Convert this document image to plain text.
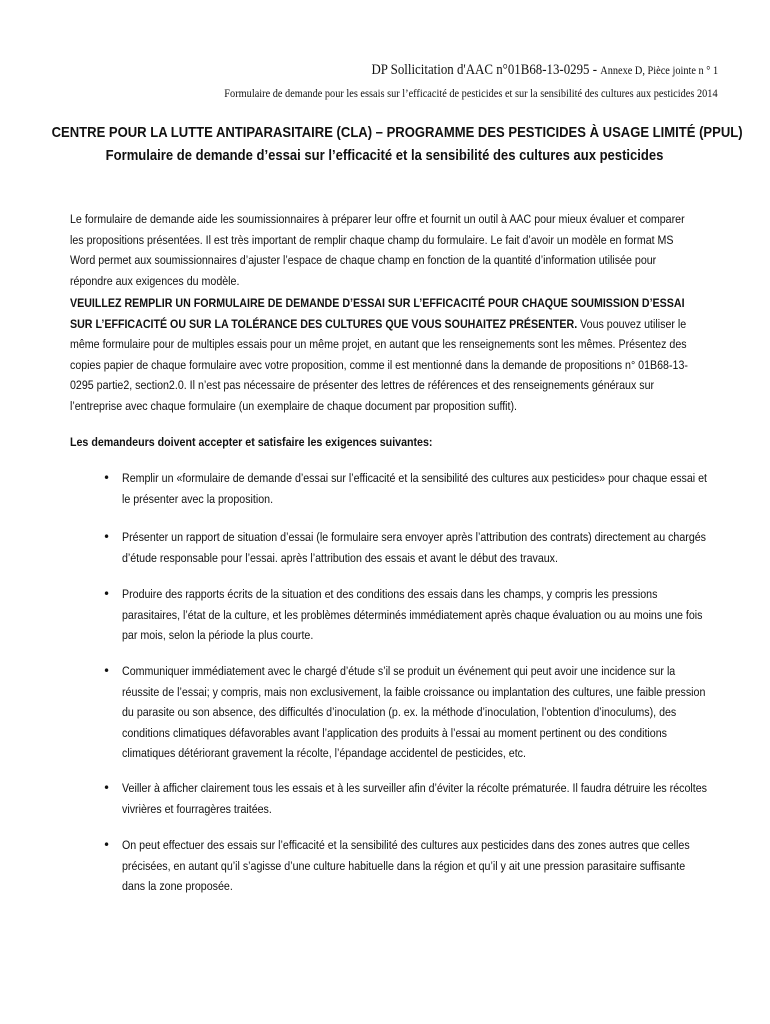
DP Sollicitation d'AAC n°01B68-13-0295 - Annexe D, Pièce jointe n ° 1
Formulaire de demande pour les essais sur l’efficacité de pesticides et sur la sensibilité des cultures aux pesticides 2014
CENTRE POUR LA LUTTE ANTIPARASITAIRE (CLA) – PROGRAMME DES PESTICIDES À USAGE LIMITÉ (PPUL)
Formulaire de demande d’essai sur l’efficacité et la sensibilité des cultures aux pesticides

Le formulaire de demande aide les soumissionnaires à préparer leur offre et fournit un outil à AAC pour mieux évaluer et comparer les propositions présentées. Il est très important de remplir chaque champ du formulaire. Le fait d’avoir un modèle en format MS Word permet aux soumissionnaires d’ajuster l’espace de chaque champ en fonction de la quantité d’information utilisée pour répondre aux exigences du modèle.

VEUILLEZ REMPLIR UN FORMULAIRE DE DEMANDE D’ESSAI SUR L’EFFICACITÉ POUR CHAQUE SOUMISSION D’ESSAI SUR L’EFFICACITÉ OU SUR LA TOLÉRANCE DES CULTURES QUE VOUS SOUHAITEZ PRÉSENTER. Vous pouvez utiliser le même formulaire pour de multiples essais pour un même projet, en autant que les renseignements sont les mêmes. Présentez des copies papier de chaque formulaire avec votre proposition, comme il est mentionné dans la demande de propositions n° 01B68-13-0295 partie2, section2.0. Il n’est pas nécessaire de présenter des lettres de références et des renseignements généraux sur l’entreprise avec chaque formulaire (un exemplaire de chaque document par proposition suffit).

Les demandeurs doivent accepter et satisfaire les exigences suivantes:

• Remplir un «formulaire de demande d’essai sur l’efficacité et la sensibilité des cultures aux pesticides» pour chaque essai et le présenter avec la proposition.

• Présenter un rapport de situation d’essai (le formulaire sera envoyer après l’attribution des contrats) directement au chargés d’étude responsable pour l’essai. après l’attribution des essais et avant le début des travaux.

• Produire des rapports écrits de la situation et des conditions des essais dans les champs, y compris les pressions parasitaires, l’état de la culture, et les problèmes déterminés immédiatement après chaque évaluation ou au moins une fois par mois, selon la période la plus courte.

• Communiquer immédiatement avec le chargé d’étude s’il se produit un événement qui peut avoir une incidence sur la réussite de l’essai; y compris, mais non exclusivement, la faible croissance ou implantation des cultures, une faible pression du parasite ou son absence, des difficultés d’inoculation (p. ex. la méthode d’inoculation, l’obtention d’inoculums), des conditions climatiques défavorables avant l’application des produits à l’essai au moment pertinent ou des conditions climatiques détériorant gravement la récolte, l’épandage accidentel de pesticides, etc.

• Veiller à afficher clairement tous les essais et à les surveiller afin d’éviter la récolte prématurée. Il faudra détruire les récoltes vivrières et fourragères traitées.

• On peut effectuer des essais sur l’efficacité et la sensibilité des cultures aux pesticides dans des zones autres que celles précisées, en autant qu’il s’agisse d’une culture habituelle dans la région et qu’il y ait une pression parasitaire suffisante dans la zone proposée.
